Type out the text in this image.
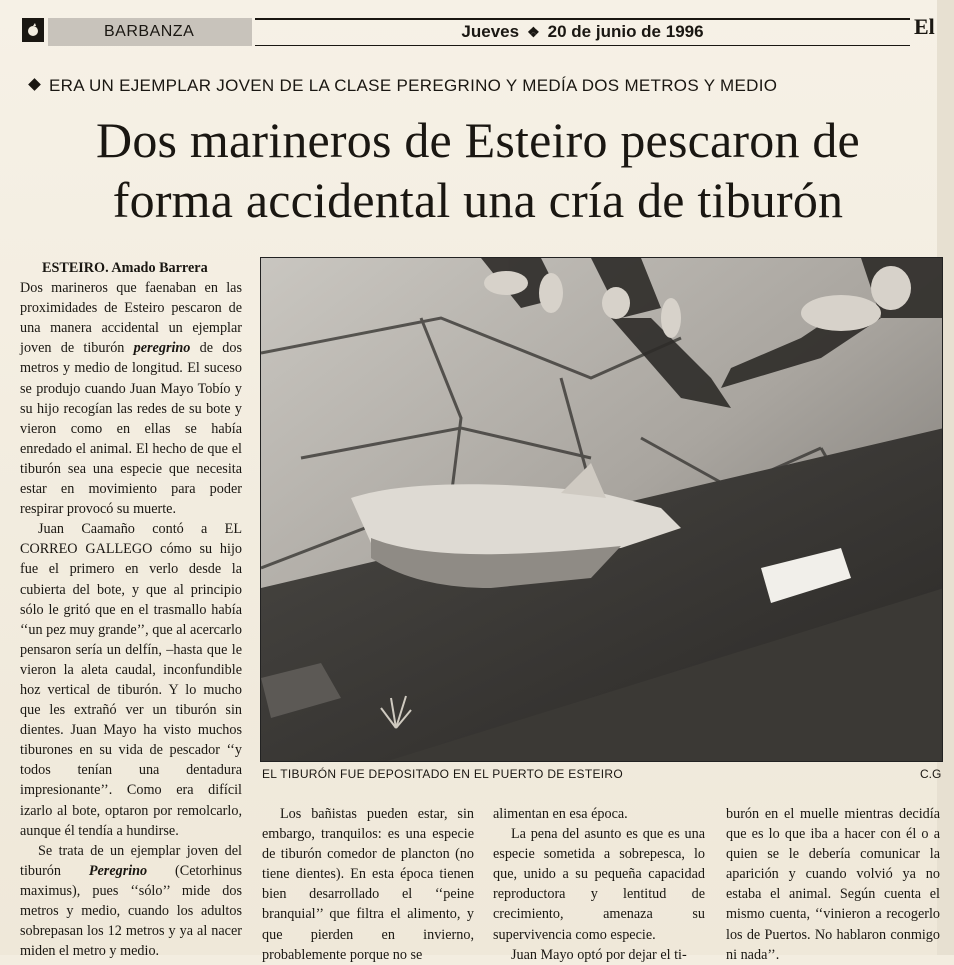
BARBANZA	Jueves ❖ 20 de junio de 1996	El
ERA UN EJEMPLAR JOVEN DE LA CLASE PEREGRINO Y MEDÍA DOS METROS Y MEDIO
Dos marineros de Esteiro pescaron de
forma accidental una cría de tiburón
ESTEIRO. Amado Barrera

Dos marineros que faenaban en las proximidades de Esteiro pescaron de una manera accidental un ejemplar joven de tiburón peregrino de dos metros y medio de longitud. El suceso se produjo cuando Juan Mayo Tobío y su hijo recogían las redes de su bote y vieron como en ellas se había enredado el animal. El hecho de que el tiburón sea una especie que necesita estar en movimiento para poder respirar provocó su muerte.

Juan Caamaño contó a EL CORREO GALLEGO cómo su hijo fue el primero en verlo desde la cubierta del bote, y que al principio sólo le gritó que en el trasmallo había ‘‘un pez muy grande’’, que al acercarlo pensaron sería un delfín, –hasta que le vieron la aleta caudal, inconfundible hoz vertical de tiburón. Y lo mucho que les extrañó ver un tiburón sin dientes. Juan Mayo ha visto muchos tiburones en su vida de pescador ‘‘y todos tenían una dentadura impresionante’’. Como era difícil izarlo al bote, optaron por remolcarlo, aunque él tendía a hundirse.

Se trata de un ejemplar joven del tiburón Peregrino (Cetorhinus maximus), pues ‘‘sólo’’ mide dos metros y medio, cuando los adultos sobrepasan los 12 metros y ya al nacer miden el metro y medio.

EL TIBURÓN FUE DEPOSITADO EN EL PUERTO DE ESTEIRO	C.G

Los bañistas pueden estar, sin embargo, tranquilos: es una especie de tiburón comedor de plancton (no tiene dientes). En esta época tienen bien desarrollado el ‘‘peine branquial’’ que filtra el alimento, y que pierden en invierno, probablemente porque no se

alimentan en esa época.

La pena del asunto es que es una especie sometida a sobrepesca, lo que, unido a su pequeña capacidad reproductora y lentitud de crecimiento, amenaza su supervivencia como especie.

Juan Mayo optó por dejar el ti-

burón en el muelle mientras decidía que es lo que iba a hacer con él o a quien se le debería comunicar la aparición y cuando volvió ya no estaba el animal. Según cuenta el mismo cuenta, ‘‘vinieron a recogerlo los de Puertos. No hablaron conmigo ni nada’’.
